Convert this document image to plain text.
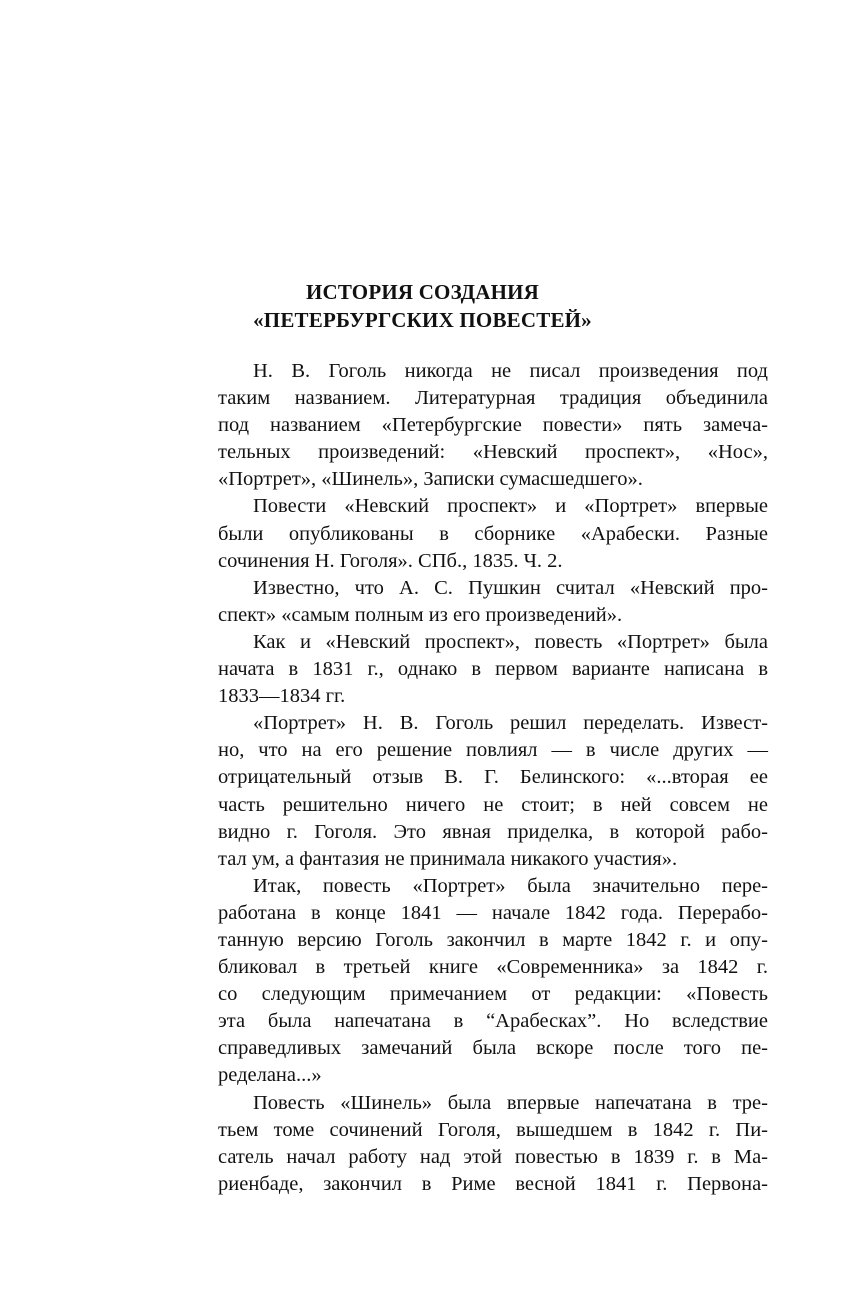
ИСТОРИЯ СОЗДАНИЯ
«ПЕТЕРБУРГСКИХ ПОВЕСТЕЙ»
Н. В. Гоголь никогда не писал произведения под
таким названием. Литературная традиция объединила
под названием «Петербургские повести» пять замеча-
тельных произведений: «Невский проспект», «Нос»,
«Портрет», «Шинель», Записки сумасшедшего».
Повести «Невский проспект» и «Портрет» впервые
были опубликованы в сборнике «Арабески. Разные
сочинения Н. Гоголя». СПб., 1835. Ч. 2.
Известно, что А. С. Пушкин считал «Невский про-
спект» «самым полным из его произведений».
Как и «Невский проспект», повесть «Портрет» была
начата в 1831 г., однако в первом варианте написана в
1833—1834 гг.
«Портрет» Н. В. Гоголь решил переделать. Извест-
но, что на его решение повлиял — в числе других —
отрицательный отзыв В. Г. Белинского: «...вторая ее
часть решительно ничего не стоит; в ней совсем не
видно г. Гоголя. Это явная приделка, в которой рабо-
тал ум, а фантазия не принимала никакого участия».
Итак, повесть «Портрет» была значительно пере-
работана в конце 1841 — начале 1842 года. Перерабо-
танную версию Гоголь закончил в марте 1842 г. и опу-
бликовал в третьей книге «Современника» за 1842 г.
со следующим примечанием от редакции: «Повесть
эта была напечатана в “Арабесках”. Но вследствие
справедливых замечаний была вскоре после того пе-
ределана...»
Повесть «Шинель» была впервые напечатана в тре-
тьем томе сочинений Гоголя, вышедшем в 1842 г. Пи-
сатель начал работу над этой повестью в 1839 г. в Ма-
риенбаде, закончил в Риме весной 1841 г. Первона-
